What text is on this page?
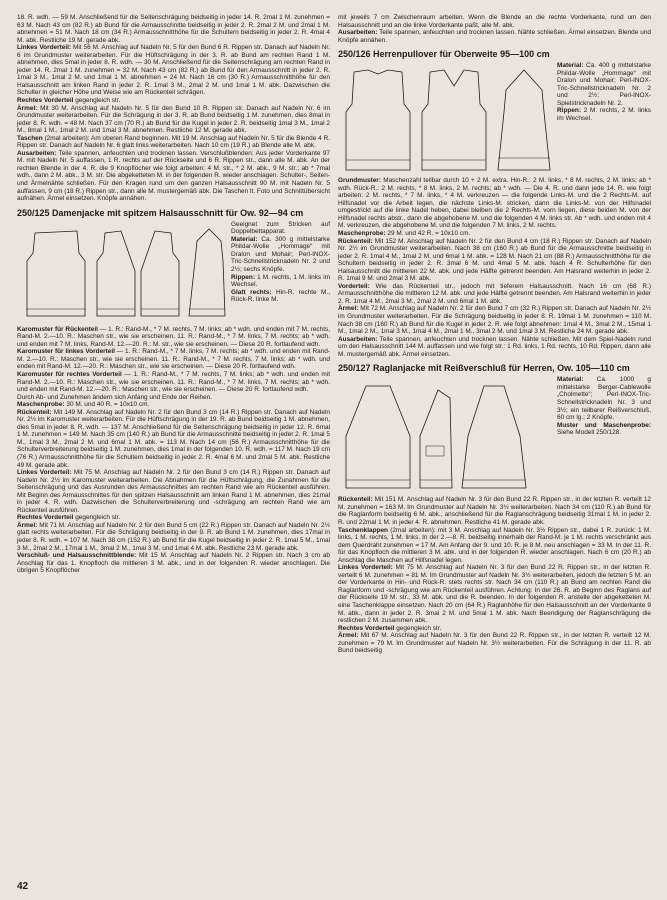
18. R. wdh. — 59 M. Anschließend für die Seitenschrägung beidseitig in jeder 14. R. 2mal 1 M. zunehmen = 63 M. Nach 43 cm (82 R.) ab Bund für die Armausschnitte beidseitig in jeder 2. R. 2mal 2 M. und 2mal 1 M. abnehmen = 51 M. Nach 18 cm (34 R.) Armausschnitthöhe für die Schultern beidseitig in jeder 2. R. 4mal 4 M. abk. Restliche 19 M. gerade abk.

Linkes Vorderteil: Mit 56 M. Anschlag auf Nadeln Nr. 5 für den Bund 6 R. Rippen str. Danach auf Nadeln Nr. 6 im Grundmuster weiterarbeiten. Für die Hüftschrägung in der 3. R. ab Bund am rechten Rand 1 M. abnehmen, dies 5mal in jeder 8. R. wdh. — 30 M. Anschließend für die Seitenschrägung am rechten Rand in jeder 14. R. 2mal 1 M. zunehmen = 32 M. Nach 43 cm (82 R.) ab Bund für den Armausschnitt in jeder 2. R. 1mal 3 M., 1mal 2 M. und 1mal 1 M. abnehmen = 24 M. Nach 16 cm (30 R.) Armausschnitthöhe für den Halsausschnitt am linken Rand in jeder 2. R. 1mal 3 M., 2mal 2 M. und 1mal 1 M. abk. Dazwischen die Schulter in gleicher Höhe und Weise wie am Rückenteil schrägen.

Rechtes Vorderteil gegengleich str.

Ärmel: Mit 30 M. Anschlag auf Nadeln Nr. 5 für den Bund 10 R. Rippen str. Danach auf Nadeln Nr. 6 im Grundmuster weiterarbeiten. Für die Schrägung in der 3. R. ab Bund beidseitig 1 M. zunehmen, dies 8mal in jeder 8. R. wdh. = 48 M. Nach 37 cm (70 R.) ab Bund für die Kugel in jeder 2. R. beidseitig 1mal 3 M., 1mal 2 M., 8mal 1 M., 1mal 2 M. und 1mal 3 M. abnehmen. Restliche 12 M. gerade abk.

Taschen (2mal arbeiten): Am oberen Rand beginnen. Mit 19 M. Anschlag auf Nadeln Nr. 5 für die Blende 4 R. Rippen str. Danach auf Nadeln Nr. 6 glatt links weiterarbeiten. Nach 10 cm (19 R.) ab Blende alle M. abk.

Ausarbeiten: Teile spannen, anfeuchten und trocknen lassen. Verschlußblenden: Aus jeder Vorderkante 97 M. mit Nadeln Nr. 5 auffassen, 1 R. rechts auf der Rückseite und 6 R. Rippen str., dann alle M. abk. An der rechten Blende in der 4. R. die 9 Knopflöcher wie folgt arbeiten: 4 M. str., * 2 M. abk., 9 M. str.; ab * 7mal wdh., dann 2 M. abk., 3 M. str. Die abgeketteten M. in der folgenden R. wieder anschlagen. Schulter-, Seiten- und Ärmelnähte schließen. Für den Kragen rund um den ganzen Halsausschnitt 90 M. mit Nadeln Nr. 5 auffassen, 9 cm (18 R.) Rippen str., dann alle M. mustergemäß abk. Die Taschen lt. Foto und Schnittübersicht aufnähen. Ärmel einsetzen. Knöpfe annähen.

250/125 Damenjacke mit spitzem Halsausschnitt für Ow. 92—94 cm

Geeignet zum Stricken auf Doppelbettapparat.

Material: Ca. 300 g mittelstarke Phildar-Wolle „Hommage“ mit Dralon und Mohair; Perl-INOX-Tric-Schnellstricknadeln Nr. 2 und 2½; sechs Knöpfe.

Rippen: 1 M. rechts, 1 M. links im Wechsel.

Glatt rechts: Hin-R. rechte M., Rück-R. linke M.

Karomuster für Rückenteil — 1. R.: Rand-M., * 7 M. rechts, 7 M. links; ab * wdh. und enden mit 7 M. rechts, Rand-M. 2.—10. R.: Maschen str., wie sie erscheinen. 11. R.: Rand-M., * 7 M. links, 7 M. rechts; ab * wdh. und enden mit 7 M. links, Rand-M. 12.—20. R.: M. str., wie sie erscheinen. — Diese 20 R. fortlaufend wdh.

Karomuster für linkes Vorderteil — 1. R.: Rand-M., * 7 M. links, 7 M. rechts; ab * wdh. und enden mit Rand-M. 2.—10. R.: Maschen str., wie sie erscheinen. 11. R.: Rand-M., * 7 M. rechts, 7 M. links; ab * wdh. und enden mit Rand-M. 12.—20. R.: Maschen str., wie sie erscheinen. — Diese 20 R. fortlaufend wdh.

Karomuster für rechtes Vorderteil — 1. R.: Rand-M., * 7 M. rechts, 7 M. links; ab * wdh. und enden mit Rand-M. 2.—10. R.: Maschen str., wie sie erscheinen. 11. R.: Rand-M., * 7 M. links, 7 M. rechts; ab * wdh. und enden mit Rand-M. 12.—20. R.: Maschen str., wie sie erscheinen. — Diese 20 R. fortlaufend wdh.

Durch Ab- und Zunehmen ändern sich Anfang und Ende der Reihen.

Maschenprobe: 30 M. und 40 R. = 10x10 cm.

Rückenteil: Mit 149 M. Anschlag auf Nadeln Nr. 2 für den Bund 3 cm (14 R.) Rippen str. Danach auf Nadeln Nr. 2½ im Karomuster weiterarbeiten. Für die Hüftschrägung in der 19. R. ab Bund beidseitig 1 M. abnehmen, dies 5mal in jeder 8. R. wdh. — 137 M. Anschließend für die Seitenschrägung beidseitig in jeder 12. R. 6mal 1 M. zunehmen = 149 M. Nach 35 cm (140 R.) ab Bund für die Armausschnitte beidseitig in jeder 2. R. 1mal 5 M., 1mal 3 M., 2mal 2 M. und 6mal 1 M. abk. = 113 M. Nach 14 cm (56 R.) Armausschnitthöhe für die Schulterverbreiterung beidseitig 1 M. zunehmen, dies 1mal in der folgenden 10. R. wdh. = 117 M. Nach 19 cm (76 R.) Armausschnitthöhe für die Schultern beidseitig in jeder 2. R. 4mal 6 M. und 2mal 5 M. abk. Restliche 49 M. gerade abk.

Linkes Vorderteil: Mit 75 M. Anschlag auf Nadeln Nr. 2 für den Bund 3 cm (14 R.) Rippen str. Danach auf Nadeln Nr. 2½ im Karomuster weiterarbeiten. Die Abnahmen für die Hüftschrägung, die Zunahmen für die Seitenschrägung und das Ausrunden des Armausschnittes am rechten Rand wie am Rückenteil ausführen. Mit Beginn des Armausschnittes für den spitzen Halsausschnitt am linken Rand 1 M. abnehmen, dies 21mal in jeder 4. R. wdh. Dazwischen die Schulterverbreiterung und -schrägung am rechten Rand wie am Rückenteil ausführen.

Rechtes Vorderteil gegengleich str.

Ärmel: Mit 71 M. Anschlag auf Nadeln Nr. 2 für den Bund 5 cm (22 R.) Rippen str. Danach auf Nadeln Nr. 2½ glatt rechts weiterarbeiten. Für die Schrägung beidseitig in der 9. R. ab Bund 1 M. zunehmen, dies 17mal in jeder 8. R. wdh. = 107 M. Nach 38 cm (152 R.) ab Bund für die Kugel beidseitig in jeder 2. R. 1mal 5 M., 1mal 3 M., 2mal 2 M., 17mal 1 M., 3mal 2 M., 1mal 3 M. und 1mal 4 M. abk. Restliche 23 M. gerade abk.

Verschluß- und Halsausschnittblende: Mit 15 M. Anschlag auf Nadeln Nr. 2 Rippen str. Nach 3 cm ab Anschlag für das 1. Knopfloch die mittleren 3 M. abk., und in der folgenden R. wieder anschlagen. Die übrigen 5 Knopflöcher

mit jeweils 7 cm Zwischenraum arbeiten. Wenn die Blende an die rechte Vorderkante, rund um den Halsausschnitt und an die linke Vorderkante paßt, alle M. abk.

Ausarbeiten: Teile spannen, anfeuchten und trocknen lassen. Nähte schließen. Ärmel einsetzen. Blende und Knöpfe annähen.

250/126 Herrenpullover für Oberweite 95—100 cm

Material: Ca. 400 g mittelstarke Phildar-Wolle „Hommage“ mit Dralon und Mohair; Perl-INOX-Tric-Schnellstricknadeln Nr. 2 und 2½; Perl-INOX-Spielstricknadeln Nr. 2.

Rippen: 2 M. rechts, 2 M. links im Wechsel.

Grundmuster: Maschenzahl teilbar durch 10 + 2 M. extra. Hin-R.: 2 M. links, * 8 M. rechts, 2 M. links; ab * wdh. Rück-R.: 2 M. rechts, * 8 M. links, 2 M. rechts; ab * wdh. — Die 4. R. und dann jede 14. R. wie folgt arbeiten: 2 M. rechts, * 7 M. links, * 4 M. verkreuzen — die folgende Links-M. und die 2 Rechts-M. auf Hilfsnadel vor die Arbeit legen, die nächste Links-M. stricken, dann die Links-M. von der Hilfsnadel umgestrickt auf die linke Nadel heben, dabei bleiben die 2 Rechts-M. vorn liegen, diese beiden M. von der Hilfsnadel rechts abstr., dann die abgehobene M. und die folgenden 4 M. links str. Ab * wdh. und enden mit 4 M. verkreuzen, die abgehobene M. und die folgenden 7 M. links, 2 M. rechts.

Maschenprobe: 29 M. und 42 R. = 10x10 cm.

Rückenteil: Mit 152 M. Anschlag auf Nadeln Nr. 2 für den Bund 4 cm (18 R.) Rippen str. Danach auf Nadeln Nr. 2½ im Grundmuster weiterarbeiten. Nach 38 cm (160 R.) ab Bund für die Armausschnitte beidseitig in jeder 2. R. 1mal 4 M., 1mal 2 M. und 6mal 1 M. abk. = 128 M. Nach 21 cm (88 R.) Armausschnitthöhe für die Schultern beidseitig in jeder 2. R. 3mal 6 M. und 4mal 5 M. abk. Nach 4 R. Schulterhöhe für den Halsausschnitt die mittleren 22 M. abk. und jede Hälfte getrennt beenden. Am Halsrand weiterhin in jeder 2. R. 1mal 9 M. und 2mal 3 M. abk.

Vorderteil: Wie das Rückenteil str., jedoch mit tieferem Halsausschnitt. Nach 16 cm (68 R.) Armausschnitthöhe die mittleren 12 M. abk. und jede Hälfte getrennt beenden. Am Halsrand weiterhin in jeder 2. R. 1mal 4 M., 2mal 3 M., 2mal 2 M. und 6mal 1 M. abk.

Ärmel: Mit 72 M. Anschlag auf Nadeln Nr. 2 für den Bund 7 cm (32 R.) Rippen str. Danach auf Nadeln Nr. 2½ im Grundmuster weiterarbeiten. Für die Schrägung beidseitig in jeder 8. R. 19mal 1 M. zunehmen = 110 M. Nach 38 cm (160 R.) ab Bund für die Kugel in jeder 2. R. wie folgt abnehmen: 1mal 4 M., 3mal 2 M., 15mal 1 M., 1mal 2 M., 1mal 3 M., 1mal 4 M., 2mal 1 M., 3mal 2 M. und 1mal 3 M. Restliche 24 M. gerade abk.

Ausarbeiten: Teile spannen, anfeuchten und trocknen lassen. Nähte schließen. Mit dem Spiel-Nadeln rund um den Halsausschnitt 144 M. auffassen und wie folgt str.: 1 Rd. links, 1 Rd. rechts, 10 Rd. Rippen, dann alle M. mustergemäß abk. Ärmel einsetzen.

250/127 Raglanjacke mit Reißverschluß für Herren, Ow. 105—110 cm

Material: Ca. 1000 g mittelstarke Berger-Cablewolle „Cholmette“; Perl-INOX-Tric-Schnellstricknadeln Nr. 3 und 3½; ein teilbarer Reißverschluß, 60 cm lg.; 2 Knöpfe.

Muster und Maschenprobe: Siehe Modell 250/128.

Rückenteil: Mit 151 M. Anschlag auf Nadeln Nr. 3 für den Bund 22 R. Rippen str., in der letzten R. verteilt 12 M. zunehmen = 163 M. Im Grundmuster auf Nadeln Nr. 3½ weiterarbeiten. Nach 34 cm (110 R.) ab Bund für die Raglanform beidseitig 6 M. abk., anschließend für die Raglanschrägung beidseitig 31mal 1 M. in jeder 2. R. und 22mal 1 M. in jeder 4. R. abnehmen. Restliche 41 M. gerade abk.

Taschenklappen (2mal arbeiten): mit 3 M. Anschlag auf Nadeln Nr. 3½ Rippen str., dabei 1 R. zurück: 1 M. links, 1 M. rechts, 1 M. links. In der 2.—8. R. beidseitig innerhalb der Rand-M. je 1 M. rechts verschränkt aus dem Querdraht zunehmen = 17 M. Am Anfang der 9. und 10. R. je 8 M. neu anschlagen = 33 M. In der 11. R. für das Knopfloch die mittleren 3 M. abk. und in der folgenden R. wieder anschlagen. Nach 6 cm (20 R.) ab Anschlag die Maschen auf Hilfsnadel legen.

Linkes Vorderteil: Mit 75 M. Anschlag auf Nadeln Nr. 3 für den Bund 22 R. Rippen str., in der letzten R. verteilt 6 M. zunehmen = 81 M. Im Grundmuster auf Nadeln Nr. 3½ weiterarbeiten, jedoch die letzten 5 M. an der Vorderkante in Hin- und Rück-R. stets rechts str. Nach 34 cm (110 R.) ab Bund am rechten Rand die Raglanform und -schrägung wie am Rückenteil ausführen. Achtung: In der 26. R. ab Beginn des Raglans auf der Rückseite 19 M. str., 33 M. abk. und die R. beenden. In der folgenden R. anstelle der abgeketteten M. eine Taschenklappe einsetzen. Nach 20 cm (64 R.) Raglanhöhe für den Halsausschnitt an der Vorderkante 9 M. abk., dann in jeder 2. R. 3mal 2 M. und 5mal 1 M. abk. Nach Beendigung der Raglanschrägung die restlichen 2 M. zusammen abk.

Rechtes Vorderteil gegengleich str.

Ärmel: Mit 67 M. Anschlag auf Nadeln Nr. 3 für den Bund 22 R. Rippen str., in der letzten R. verteilt 12 M. zunehmen = 79 M. Im Grundmuster auf Nadeln Nr. 3½ weiterarbeiten. Für die Schrägung in der 11. R. ab Bund beidseitig

42
